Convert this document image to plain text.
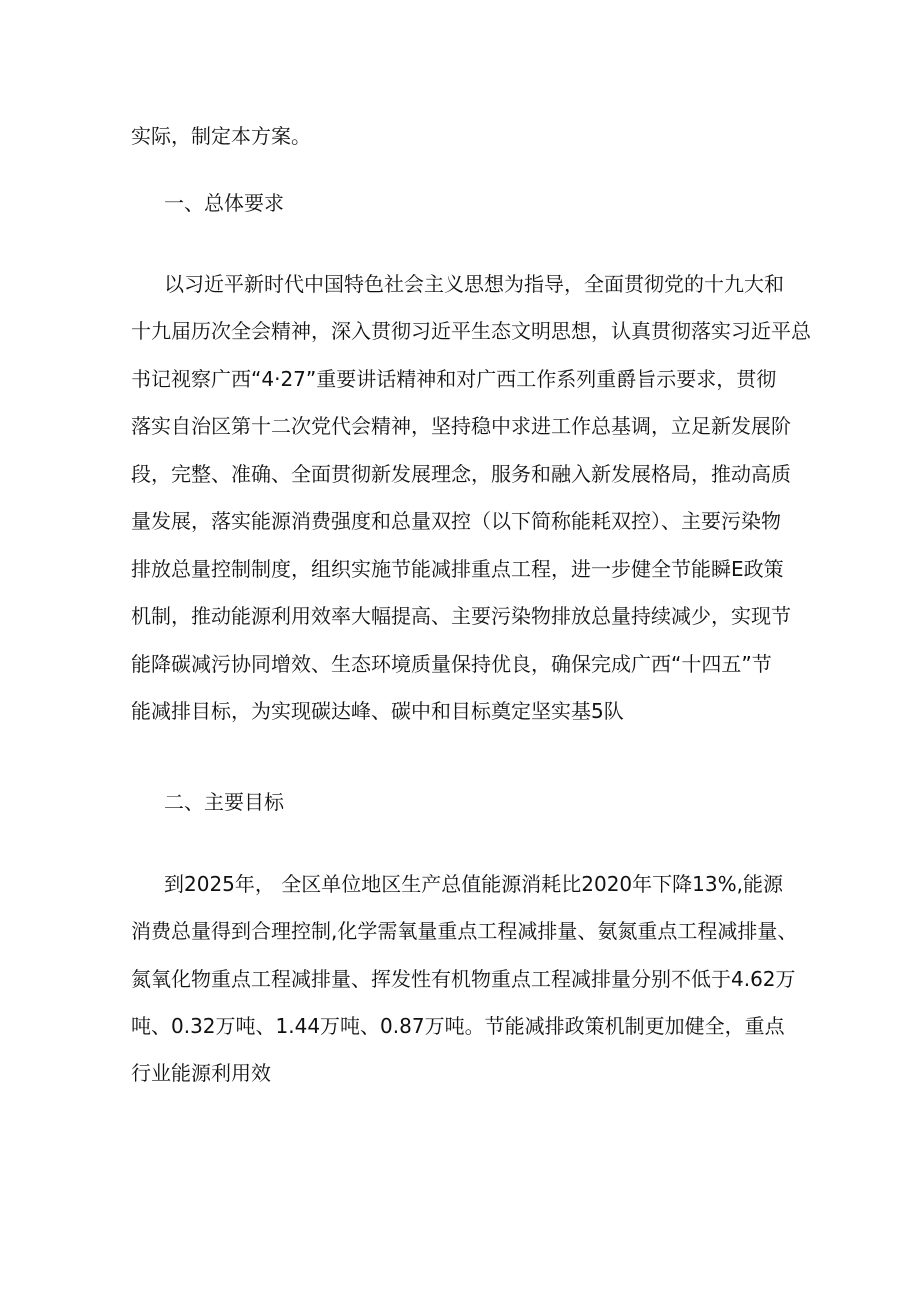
实际，制定本方案。
一、总体要求
以习近平新时代中国特色社会主义思想为指导，全面贯彻党的十九大和
十九届历次全会精神，深入贯彻习近平生态文明思想，认真贯彻落实习近平总
书记视察广西“4·27”重要讲话精神和对广西工作系列重爵旨示要求，贯彻
落实自治区第十二次党代会精神，坚持稳中求进工作总基调，立足新发展阶
段，完整、准确、全面贯彻新发展理念，服务和融入新发展格局，推动高质
量发展，落实能源消费强度和总量双控（以下简称能耗双控）、主要污染物
排放总量控制制度，组织实施节能减排重点工程，进一步健全节能瞬E政策
机制，推动能源利用效率大幅提高、主要污染物排放总量持续减少，实现节
能降碳减污协同增效、生态环境质量保持优良，确保完成广西“十四五”节
能减排目标，为实现碳达峰、碳中和目标奠定坚实基5队
二、主要目标
到2025年， 全区单位地区生产总值能源消耗比2020年下降13%,能源
消费总量得到合理控制,化学需氧量重点工程减排量、氨氮重点工程减排量、
氮氧化物重点工程减排量、挥发性有机物重点工程减排量分别不低于4.62万
吨、0.32万吨、1.44万吨、0.87万吨。节能减排政策机制更加健全，重点
行业能源利用效
